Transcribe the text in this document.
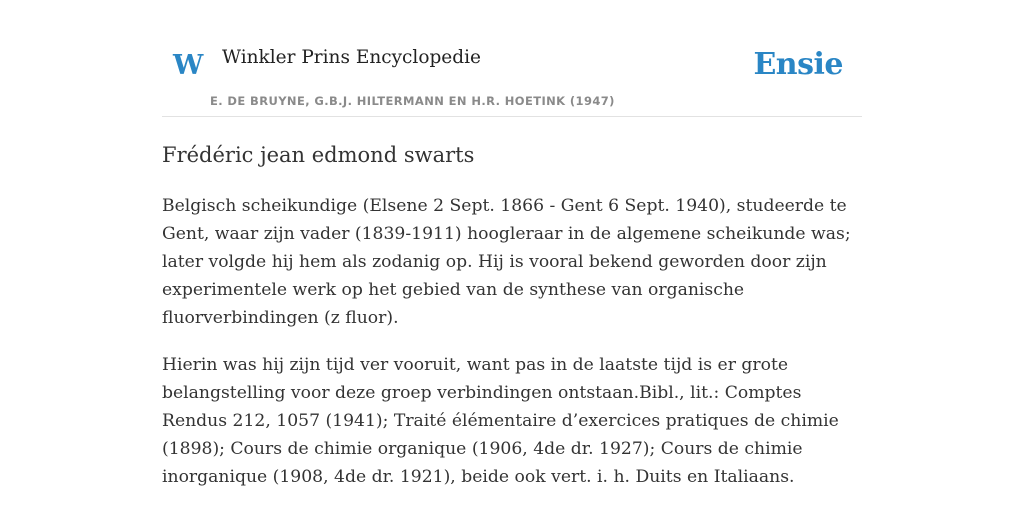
W Winkler Prins Encyclopedie
E. DE BRUYNE, G.B.J. HILTERMANN EN H.R. HOETINK (1947)
Ensie
Frédéric jean edmond swarts

Belgisch scheikundige (Elsene 2 Sept. 1866 - Gent 6 Sept. 1940), studeerde te Gent, waar zijn vader (1839-1911) hoogleraar in de algemene scheikunde was; later volgde hij hem als zodanig op. Hij is vooral bekend geworden door zijn experimentele werk op het gebied van de synthese van organische fluorverbindingen (z fluor).

Hierin was hij zijn tijd ver vooruit, want pas in de laatste tijd is er grote belangstelling voor deze groep verbindingen ontstaan.Bibl., lit.: Comptes Rendus 212, 1057 (1941); Traité élémentaire d’exercices pratiques de chimie (1898); Cours de chimie organique (1906, 4de dr. 1927); Cours de chimie inorganique (1908, 4de dr. 1921), beide ook vert. i. h. Duits en Italiaans.
